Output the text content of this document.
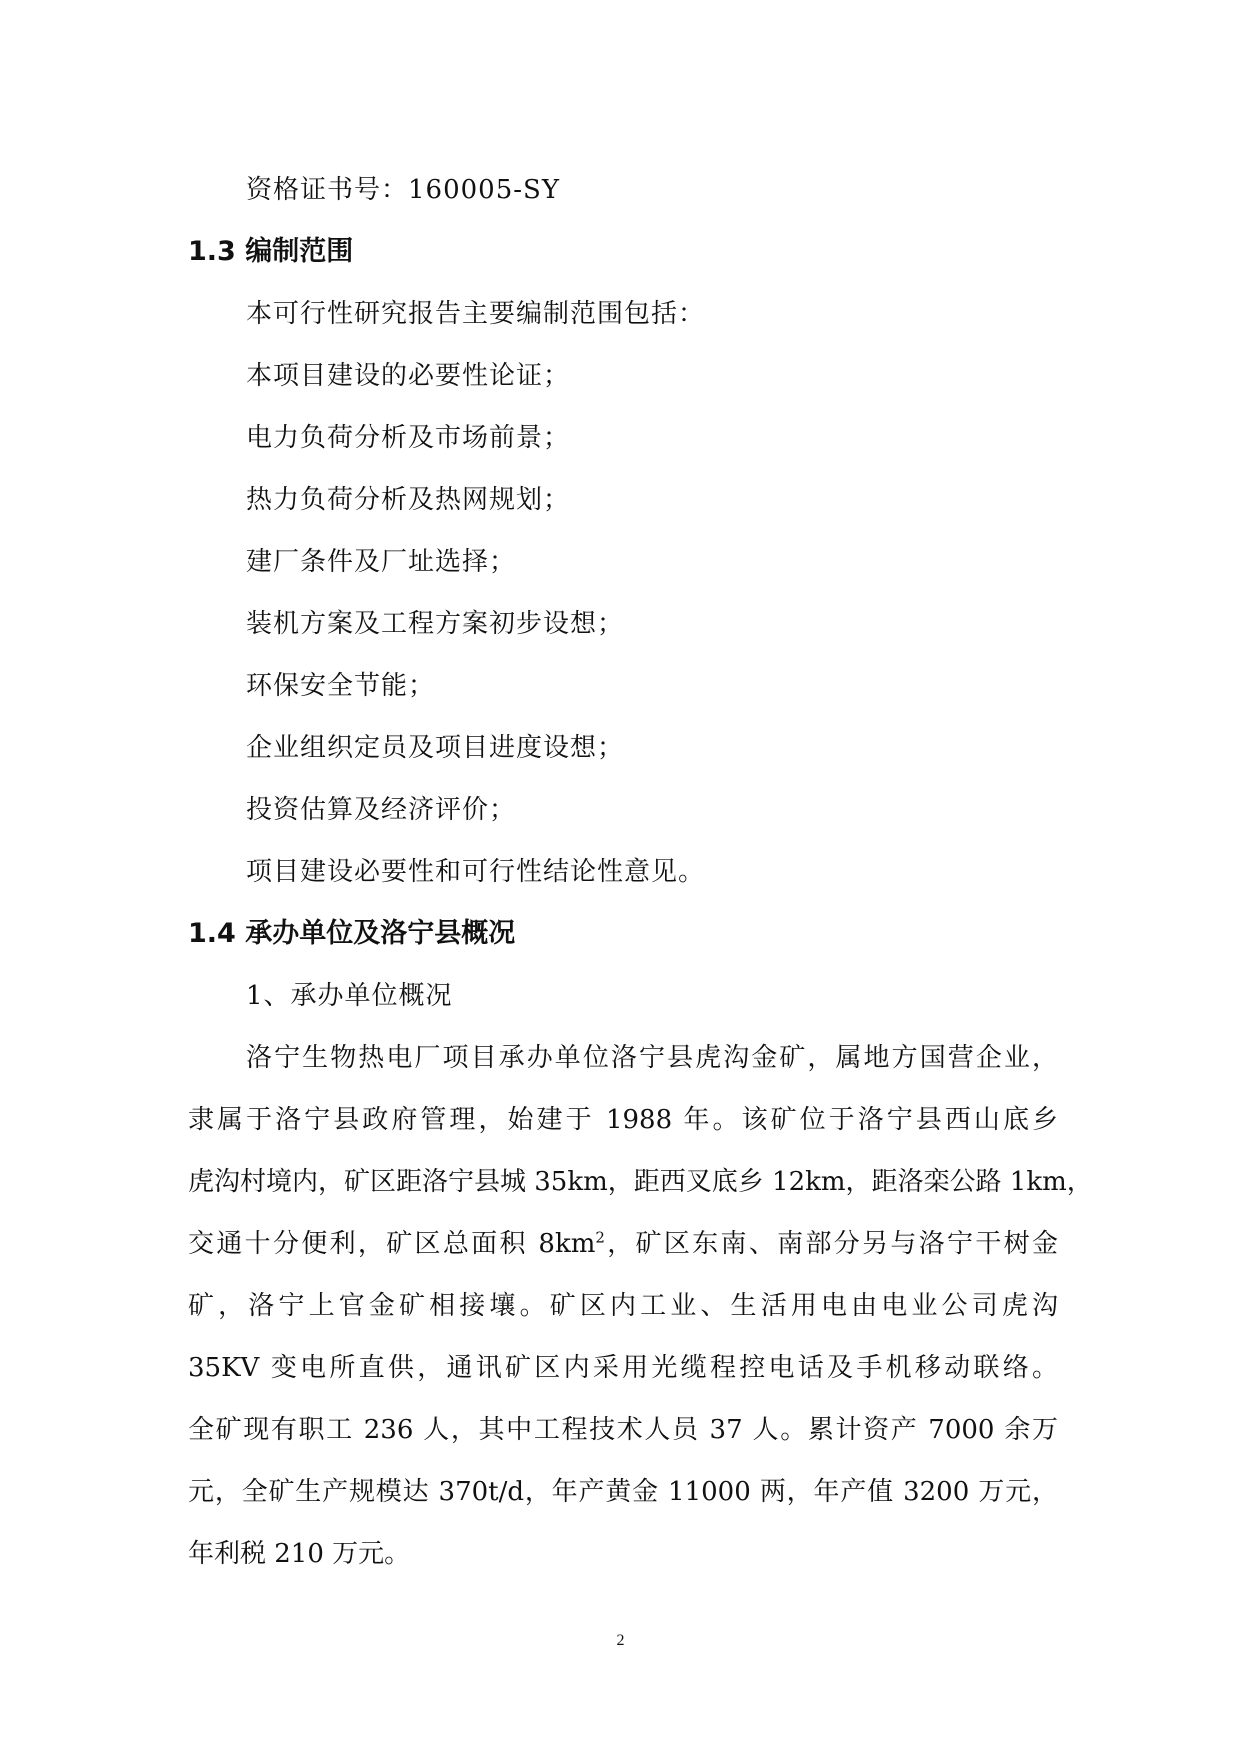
资格证书号：160005-SY
1.3 编制范围
本可行性研究报告主要编制范围包括：
本项目建设的必要性论证；
电力负荷分析及市场前景；
热力负荷分析及热网规划；
建厂条件及厂址选择；
装机方案及工程方案初步设想；
环保安全节能；
企业组织定员及项目进度设想；
投资估算及经济评价；
项目建设必要性和可行性结论性意见。
1.4 承办单位及洛宁县概况
1、承办单位概况
洛宁生物热电厂项目承办单位洛宁县虎沟金矿，属地方国营企业，
隶属于洛宁县政府管理，始建于 1988 年。该矿位于洛宁县西山底乡
虎沟村境内，矿区距洛宁县城 35km，距西叉底乡 12km，距洛栾公路 1km，
交通十分便利，矿区总面积 $8km^2$，矿区东南、南部分另与洛宁干树金
矿，洛宁上官金矿相接壤。矿区内工业、生活用电由电业公司虎沟
35KV 变电所直供，通讯矿区内采用光缆程控电话及手机移动联络。
全矿现有职工 236 人，其中工程技术人员 37 人。累计资产 7000 余万
元，全矿生产规模达 370t/d，年产黄金 11000 两，年产值 3200 万元，
年利税 210 万元。
2
